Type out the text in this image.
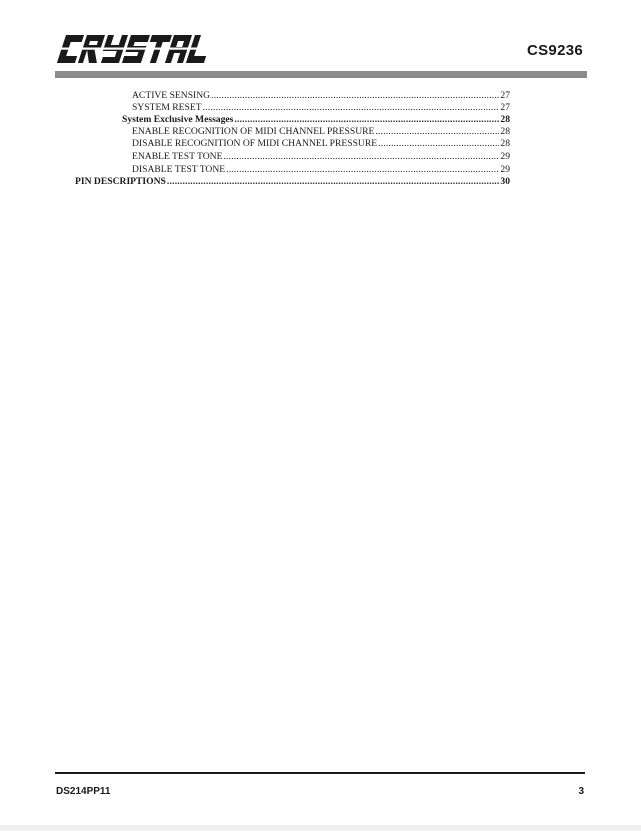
CS9236
ACTIVE SENSING .....	27
SYSTEM RESET .....	27
System Exclusive Messages .....	28
ENABLE RECOGNITION OF MIDI CHANNEL PRESSURE .....	28
DISABLE RECOGNITION OF MIDI CHANNEL PRESSURE .....	28
ENABLE TEST TONE .....	29
DISABLE TEST TONE .....	29
PIN DESCRIPTIONS .....	30
DS214PP11	3
